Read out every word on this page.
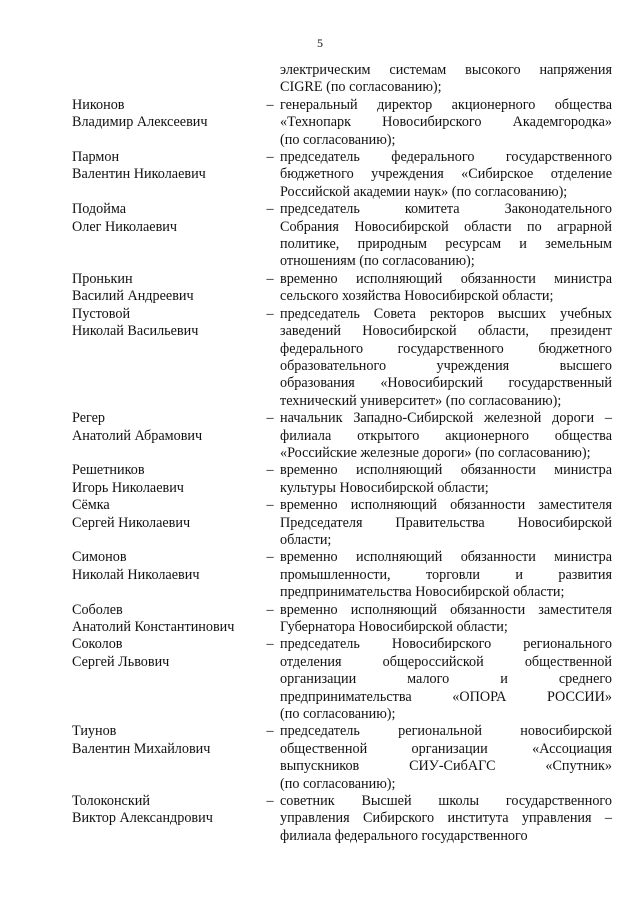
5
электрическим системам высокого напряжения
CIGRE (по согласованию);
Никонов
Владимир Алексеевич
– генеральный директор акционерного общества
«Технопарк Новосибирского Академгородка»
(по согласованию);
Пармон
Валентин Николаевич
– председатель федерального государственного
бюджетного учреждения «Сибирское отделение
Российской академии наук» (по согласованию);
Подойма
Олег Николаевич
– председатель комитета Законодательного
Собрания Новосибирской области по аграрной
политике, природным ресурсам и земельным
отношениям (по согласованию);
Пронькин
Василий Андреевич
– временно исполняющий обязанности министра
сельского хозяйства Новосибирской области;
Пустовой
Николай Васильевич
– председатель Совета ректоров высших учебных
заведений Новосибирской области, президент
федерального государственного бюджетного
образовательного учреждения высшего
образования «Новосибирский государственный
технический университет» (по согласованию);
Регер
Анатолий Абрамович
– начальник Западно-Сибирской железной дороги –
филиала открытого акционерного общества
«Российские железные дороги» (по согласованию);
Решетников
Игорь Николаевич
– временно исполняющий обязанности министра
культуры Новосибирской области;
Сёмка
Сергей Николаевич
– временно исполняющий обязанности заместителя
Председателя Правительства Новосибирской
области;
Симонов
Николай Николаевич
– временно исполняющий обязанности министра
промышленности, торговли и развития
предпринимательства Новосибирской области;
Соболев
Анатолий Константинович
– временно исполняющий обязанности заместителя
Губернатора Новосибирской области;
Соколов
Сергей Львович
– председатель Новосибирского регионального
отделения общероссийской общественной
организации малого и среднего
предпринимательства «ОПОРА РОССИИ»
(по согласованию);
Тиунов
Валентин Михайлович
– председатель региональной новосибирской
общественной организации «Ассоциация
выпускников СИУ-СибАГС «Спутник»
(по согласованию);
Толоконский
Виктор Александрович
– советник Высшей школы государственного
управления Сибирского института управления –
филиала федерального государственного
